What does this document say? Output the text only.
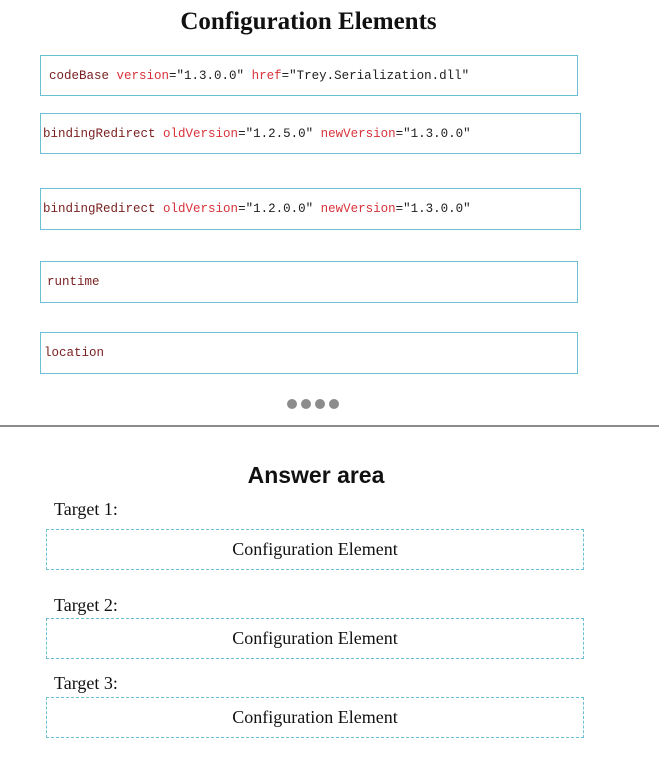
Configuration Elements
codeBase
version ="1.3.0.0"
href ="Trey.Serialization.dll"
bindingRedirect
oldVersion ="1.2.5.0"
newVersion ="1.3.0.0"
bindingRedirect
oldVersion ="1.2.0.0"
newVersion ="1.3.0.0"
runtime
location
Answer area
Target 1:
Configuration Element
Target 2:
Configuration Element
Target 3:
Configuration Element
